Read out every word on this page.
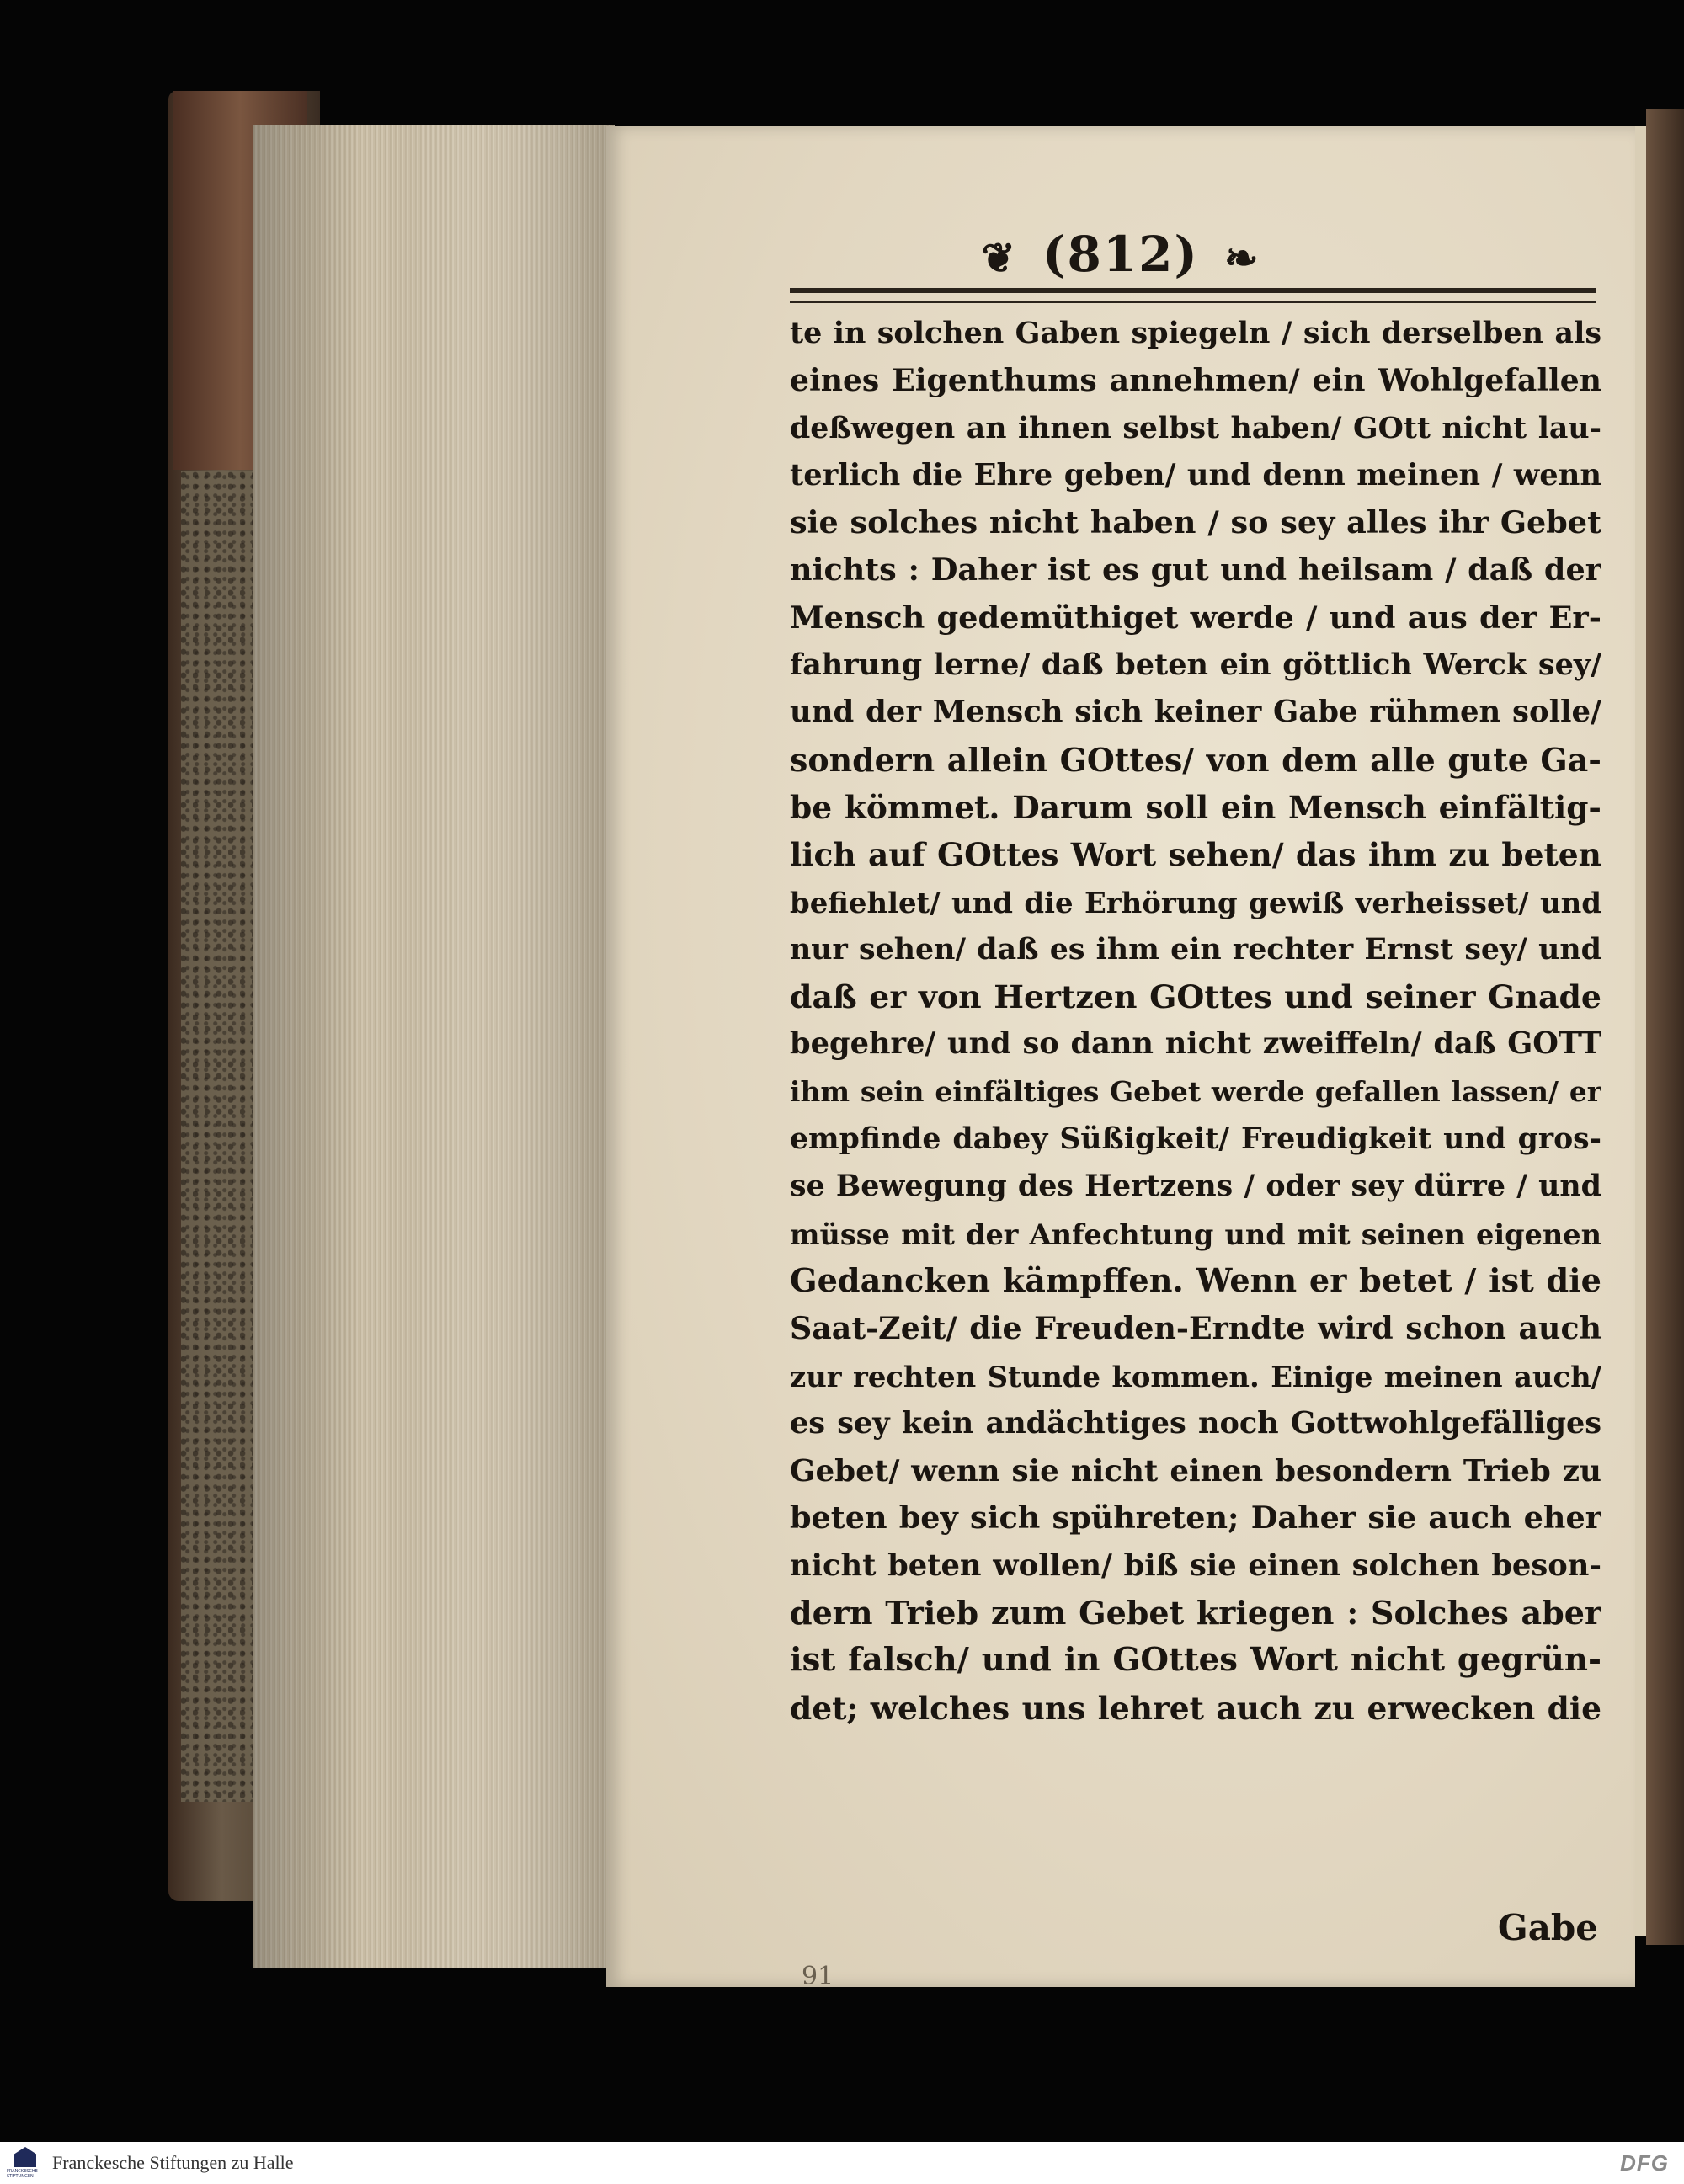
❦ (812) ❧
te in solchen Gaben spiegeln / sich derselben als
eines Eigenthums annehmen/ ein Wohlgefallen
deßwegen an ihnen selbst haben/ GOtt nicht lau-
terlich die Ehre geben/ und denn meinen / wenn
sie solches nicht haben / so sey alles ihr Gebet
nichts : Daher ist es gut und heilsam / daß der
Mensch gedemüthiget werde / und aus der Er-
fahrung lerne/ daß beten ein göttlich Werck sey/
und der Mensch sich keiner Gabe rühmen solle/
sondern allein GOttes/ von dem alle gute Ga-
be kömmet. Darum soll ein Mensch einfältig-
lich auf GOttes Wort sehen/ das ihm zu beten
befiehlet/ und die Erhörung gewiß verheisset/ und
nur sehen/ daß es ihm ein rechter Ernst sey/ und
daß er von Hertzen GOttes und seiner Gnade
begehre/ und so dann nicht zweiffeln/ daß GOTT
ihm sein einfältiges Gebet werde gefallen lassen/ er
empfinde dabey Süßigkeit/ Freudigkeit und gros-
se Bewegung des Hertzens / oder sey dürre / und
müsse mit der Anfechtung und mit seinen eigenen
Gedancken kämpffen. Wenn er betet / ist die
Saat-Zeit/ die Freuden-Erndte wird schon auch
zur rechten Stunde kommen. Einige meinen auch/
es sey kein andächtiges noch Gottwohlgefälliges
Gebet/ wenn sie nicht einen besondern Trieb zu
beten bey sich spühreten; Daher sie auch eher
nicht beten wollen/ biß sie einen solchen beson-
dern Trieb zum Gebet kriegen : Solches aber
ist falsch/ und in GOttes Wort nicht gegrün-
det; welches uns lehret auch zu erwecken die
Gabe
91
FRANCKESCHE STIFTUNGEN
Franckesche Stiftungen zu Halle	DFG
